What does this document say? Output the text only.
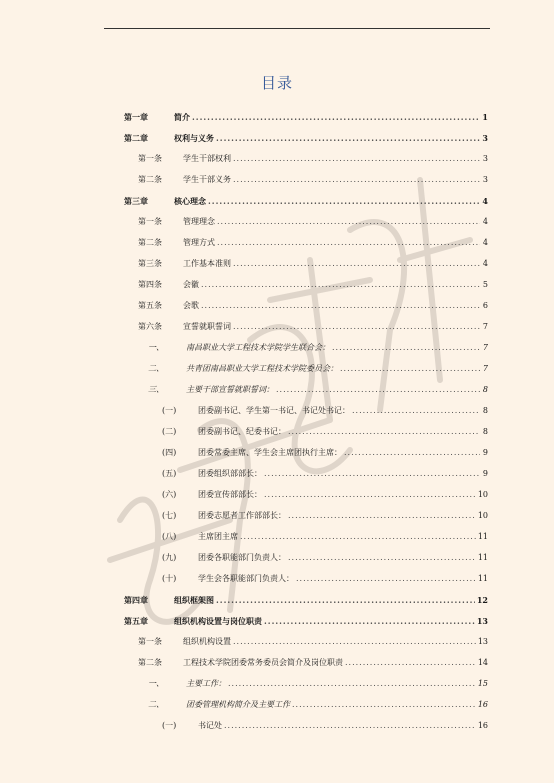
目录
第一章	简介 .....	1
第二章	权利与义务 .....	3
第一条	学生干部权利 .....	3
第二条	学生干部义务 .....	3
第三章	核心理念 .....	4
第一条	管理理念 .....	4
第二条	管理方式 .....	4
第三条	工作基本准则 .....	4
第四条	会徽 .....	5
第五条	会歌 .....	6
第六条	宣誓就职誓词 .....	7
一、	南昌职业大学工程技术学院学生联合会： .....	7
二、	共青团南昌职业大学工程技术学院委员会： .....	7
三、	主要干部宣誓就职誓词： .....	8
(一)	团委副书记、学生第一书记、书记处书记： .....	8
(二)	团委副书记、纪委书记： .....	8
(四)	团委常委主席、学生会主席团执行主席： .....	9
(五)	团委组织部部长： .....	9
(六)	团委宣传部部长： .....	10
(七)	团委志愿者工作部部长： .....	10
(八)	主席团主席 .....	11
(九)	团委各职能部门负责人： .....	11
(十)	学生会各职能部门负责人： .....	11
第四章	组织框架图 .....	12
第五章	组织机构设置与岗位职责 .....	13
第一条	组织机构设置 .....	13
第二条	工程技术学院团委常务委员会简介及岗位职责 .....	14
一、	主要工作： .....	15
二、	团委管理机构简介及主要工作 .....	16
(一)	书记处 .....	16
